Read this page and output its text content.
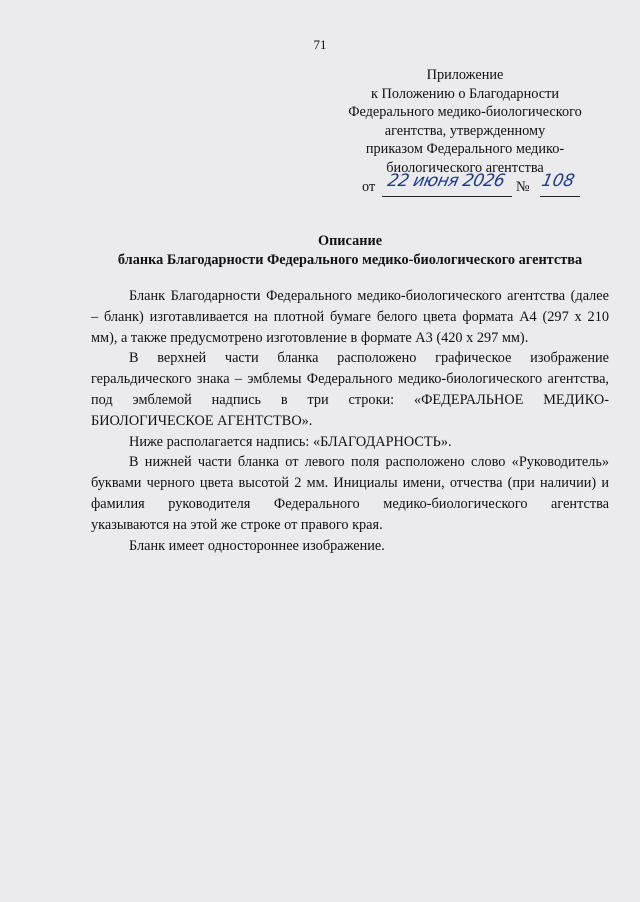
71
Приложение
к Положению о Благодарности
Федерального медико-биологического
агентства, утвержденному
приказом Федерального медико-
биологического агентства
от 22 июня 2026 № 108
Описание
бланка Благодарности Федерального медико-биологического агентства

Бланк Благодарности Федерального медико-биологического агентства (далее – бланк) изготавливается на плотной бумаге белого цвета формата А4 (297 х 210 мм), а также предусмотрено изготовление в формате А3 (420 х 297 мм).

В верхней части бланка расположено графическое изображение геральдического знака – эмблемы Федерального медико-биологического агентства, под эмблемой надпись в три строки: «ФЕДЕРАЛЬНОЕ МЕДИКО-БИОЛОГИЧЕСКОЕ АГЕНТСТВО».

Ниже располагается надпись: «БЛАГОДАРНОСТЬ».

В нижней части бланка от левого поля расположено слово «Руководитель» буквами черного цвета высотой 2 мм. Инициалы имени, отчества (при наличии) и фамилия руководителя Федерального медико-биологического агентства указываются на этой же строке от правого края.

Бланк имеет одностороннее изображение.
